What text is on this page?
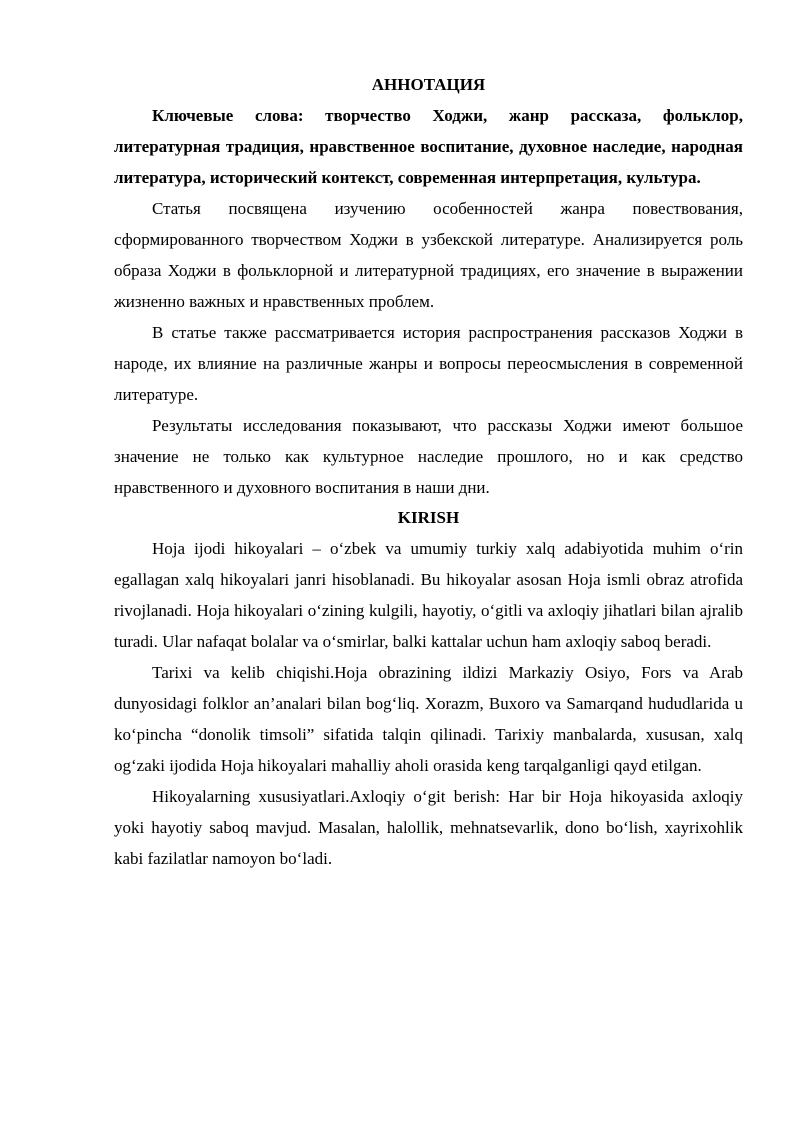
АННОТАЦИЯ

Ключевые слова: творчество Ходжи, жанр рассказа, фольклор, литературная традиция, нравственное воспитание, духовное наследие, народная литература, исторический контекст, современная интерпретация, культура.

Статья посвящена изучению особенностей жанра повествования, сформированного творчеством Ходжи в узбекской литературе. Анализируется роль образа Ходжи в фольклорной и литературной традициях, его значение в выражении жизненно важных и нравственных проблем.

В статье также рассматривается история распространения рассказов Ходжи в народе, их влияние на различные жанры и вопросы переосмысления в современной литературе.

Результаты исследования показывают, что рассказы Ходжи имеют большое значение не только как культурное наследие прошлого, но и как средство нравственного и духовного воспитания в наши дни.

KIRISH

Hoja ijodi hikoyalari – o‘zbek va umumiy turkiy xalq adabiyotida muhim o‘rin egallagan xalq hikoyalari janri hisoblanadi. Bu hikoyalar asosan Hoja ismli obraz atrofida rivojlanadi. Hoja hikoyalari o‘zining kulgili, hayotiy, o‘gitli va axloqiy jihatlari bilan ajralib turadi. Ular nafaqat bolalar va o‘smirlar, balki kattalar uchun ham axloqiy saboq beradi.

Tarixi va kelib chiqishi.Hoja obrazining ildizi Markaziy Osiyo, Fors va Arab dunyosidagi folklor an’analari bilan bog‘liq. Xorazm, Buxoro va Samarqand hududlarida u ko‘pincha “donolik timsoli” sifatida talqin qilinadi. Tarixiy manbalarda, xususan, xalq og‘zaki ijodida Hoja hikoyalari mahalliy aholi orasida keng tarqalganligi qayd etilgan.

Hikoyalarning xususiyatlari.Axloqiy o‘git berish: Har bir Hoja hikoyasida axloqiy yoki hayotiy saboq mavjud. Masalan, halollik, mehnatsevarlik, dono bo‘lish, xayrixohlik kabi fazilatlar namoyon bo‘ladi.
